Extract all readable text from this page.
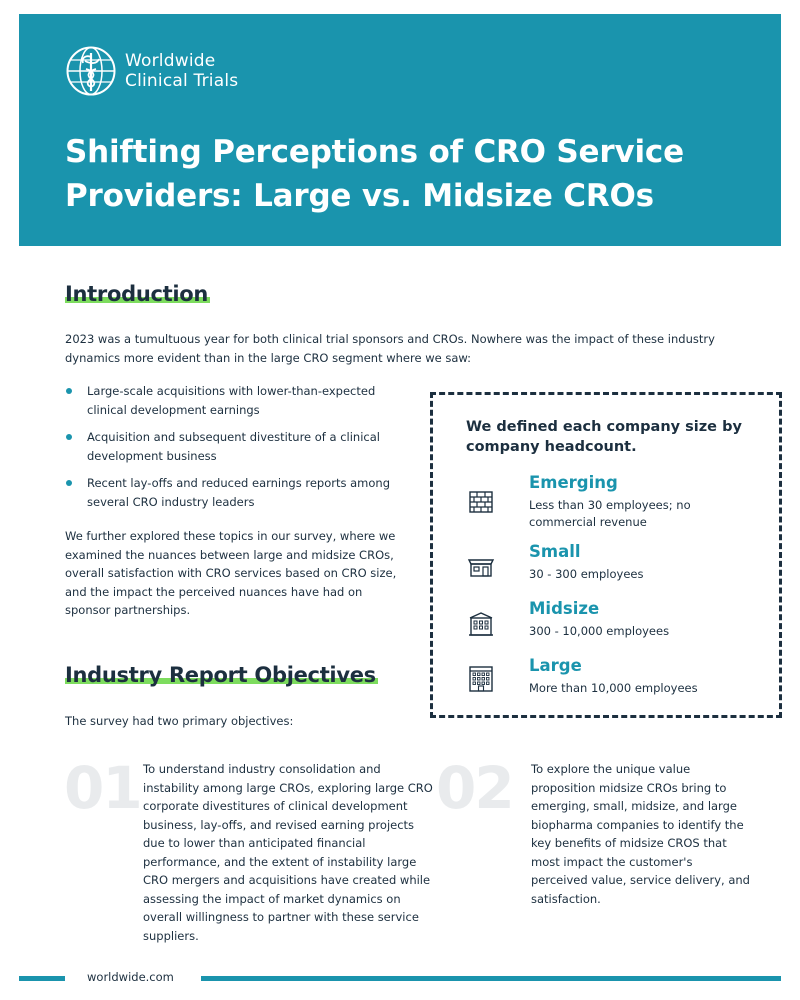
Worldwide
Clinical Trials
Shifting Perceptions of CRO Service Providers: Large vs. Midsize CROs
Introduction

2023 was a tumultuous year for both clinical trial sponsors and CROs. Nowhere was the impact of these industry dynamics more evident than in the large CRO segment where we saw:

Large-scale acquisitions with lower-than-expected clinical development earnings
Acquisition and subsequent divestiture of a clinical development business
Recent lay-offs and reduced earnings reports among several CRO industry leaders

We further explored these topics in our survey, where we examined the nuances between large and midsize CROs, overall satisfaction with CRO services based on CRO size, and the impact the perceived nuances have had on sponsor partnerships.

We defined each company size by company headcount.
Emerging
Less than 30 employees; no commercial revenue
Small
30 - 300 employees
Midsize
300 - 10,000 employees
Large
More than 10,000 employees
Industry Report Objectives

The survey had two primary objectives:

01 To understand industry consolidation and instability among large CROs, exploring large CRO corporate divestitures of clinical development business, lay-offs, and revised earning projects due to lower than anticipated financial performance, and the extent of instability large CRO mergers and acquisitions have created while assessing the impact of market dynamics on overall willingness to partner with these service suppliers.

02 To explore the unique value proposition midsize CROs bring to emerging, small, midsize, and large biopharma companies to identify the key benefits of midsize CROS that most impact the customer's perceived value, service delivery, and satisfaction.

worldwide.com
